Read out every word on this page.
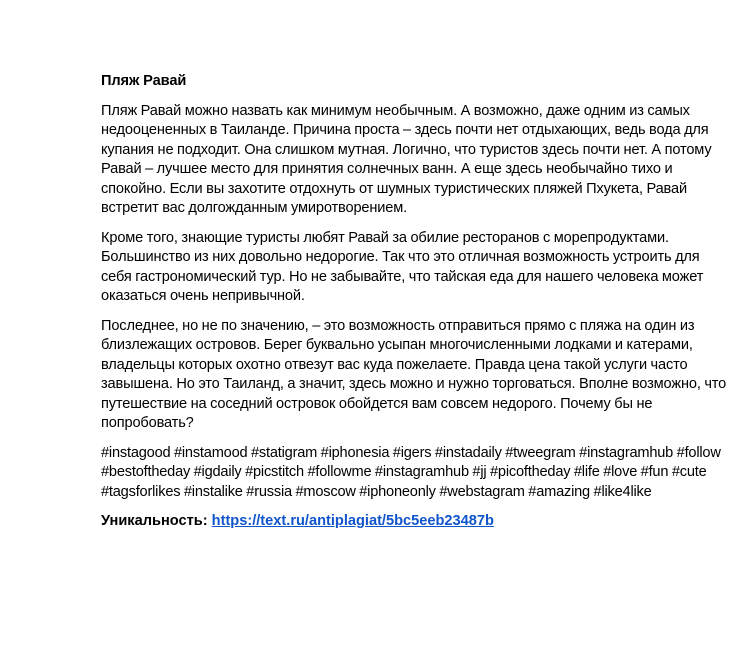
Пляж Равай

Пляж Равай можно назвать как минимум необычным. А возможно, даже одним из самых недооцененных в Таиланде. Причина проста – здесь почти нет отдыхающих, ведь вода для купания не подходит. Она слишком мутная. Логично, что туристов здесь почти нет. А потому Равай – лучшее место для принятия солнечных ванн. А еще здесь необычайно тихо и спокойно. Если вы захотите отдохнуть от шумных туристических пляжей Пхукета, Равай встретит вас долгожданным умиротворением.

Кроме того, знающие туристы любят Равай за обилие ресторанов с морепродуктами. Большинство из них довольно недорогие. Так что это отличная возможность устроить для себя гастрономический тур. Но не забывайте, что тайская еда для нашего человека может оказаться очень непривычной.

Последнее, но не по значению, – это возможность отправиться прямо с пляжа на один из близлежащих островов. Берег буквально усыпан многочисленными лодками и катерами, владельцы которых охотно отвезут вас куда пожелаете. Правда цена такой услуги часто завышена. Но это Таиланд, а значит, здесь можно и нужно торговаться. Вполне возможно, что путешествие на соседний островок обойдется вам совсем недорого. Почему бы не попробовать?

#instagood #instamood #statigram #iphonesia #igers #instadaily #tweegram #instagramhub #follow #bestoftheday #igdaily #picstitch #followme #instagramhub #jj #picoftheday #life #love #fun #cute #tagsforlikes #instalike #russia #moscow #iphoneonly #webstagram #amazing #like4like

Уникальность: https://text.ru/antiplagiat/5bc5eeb23487b
